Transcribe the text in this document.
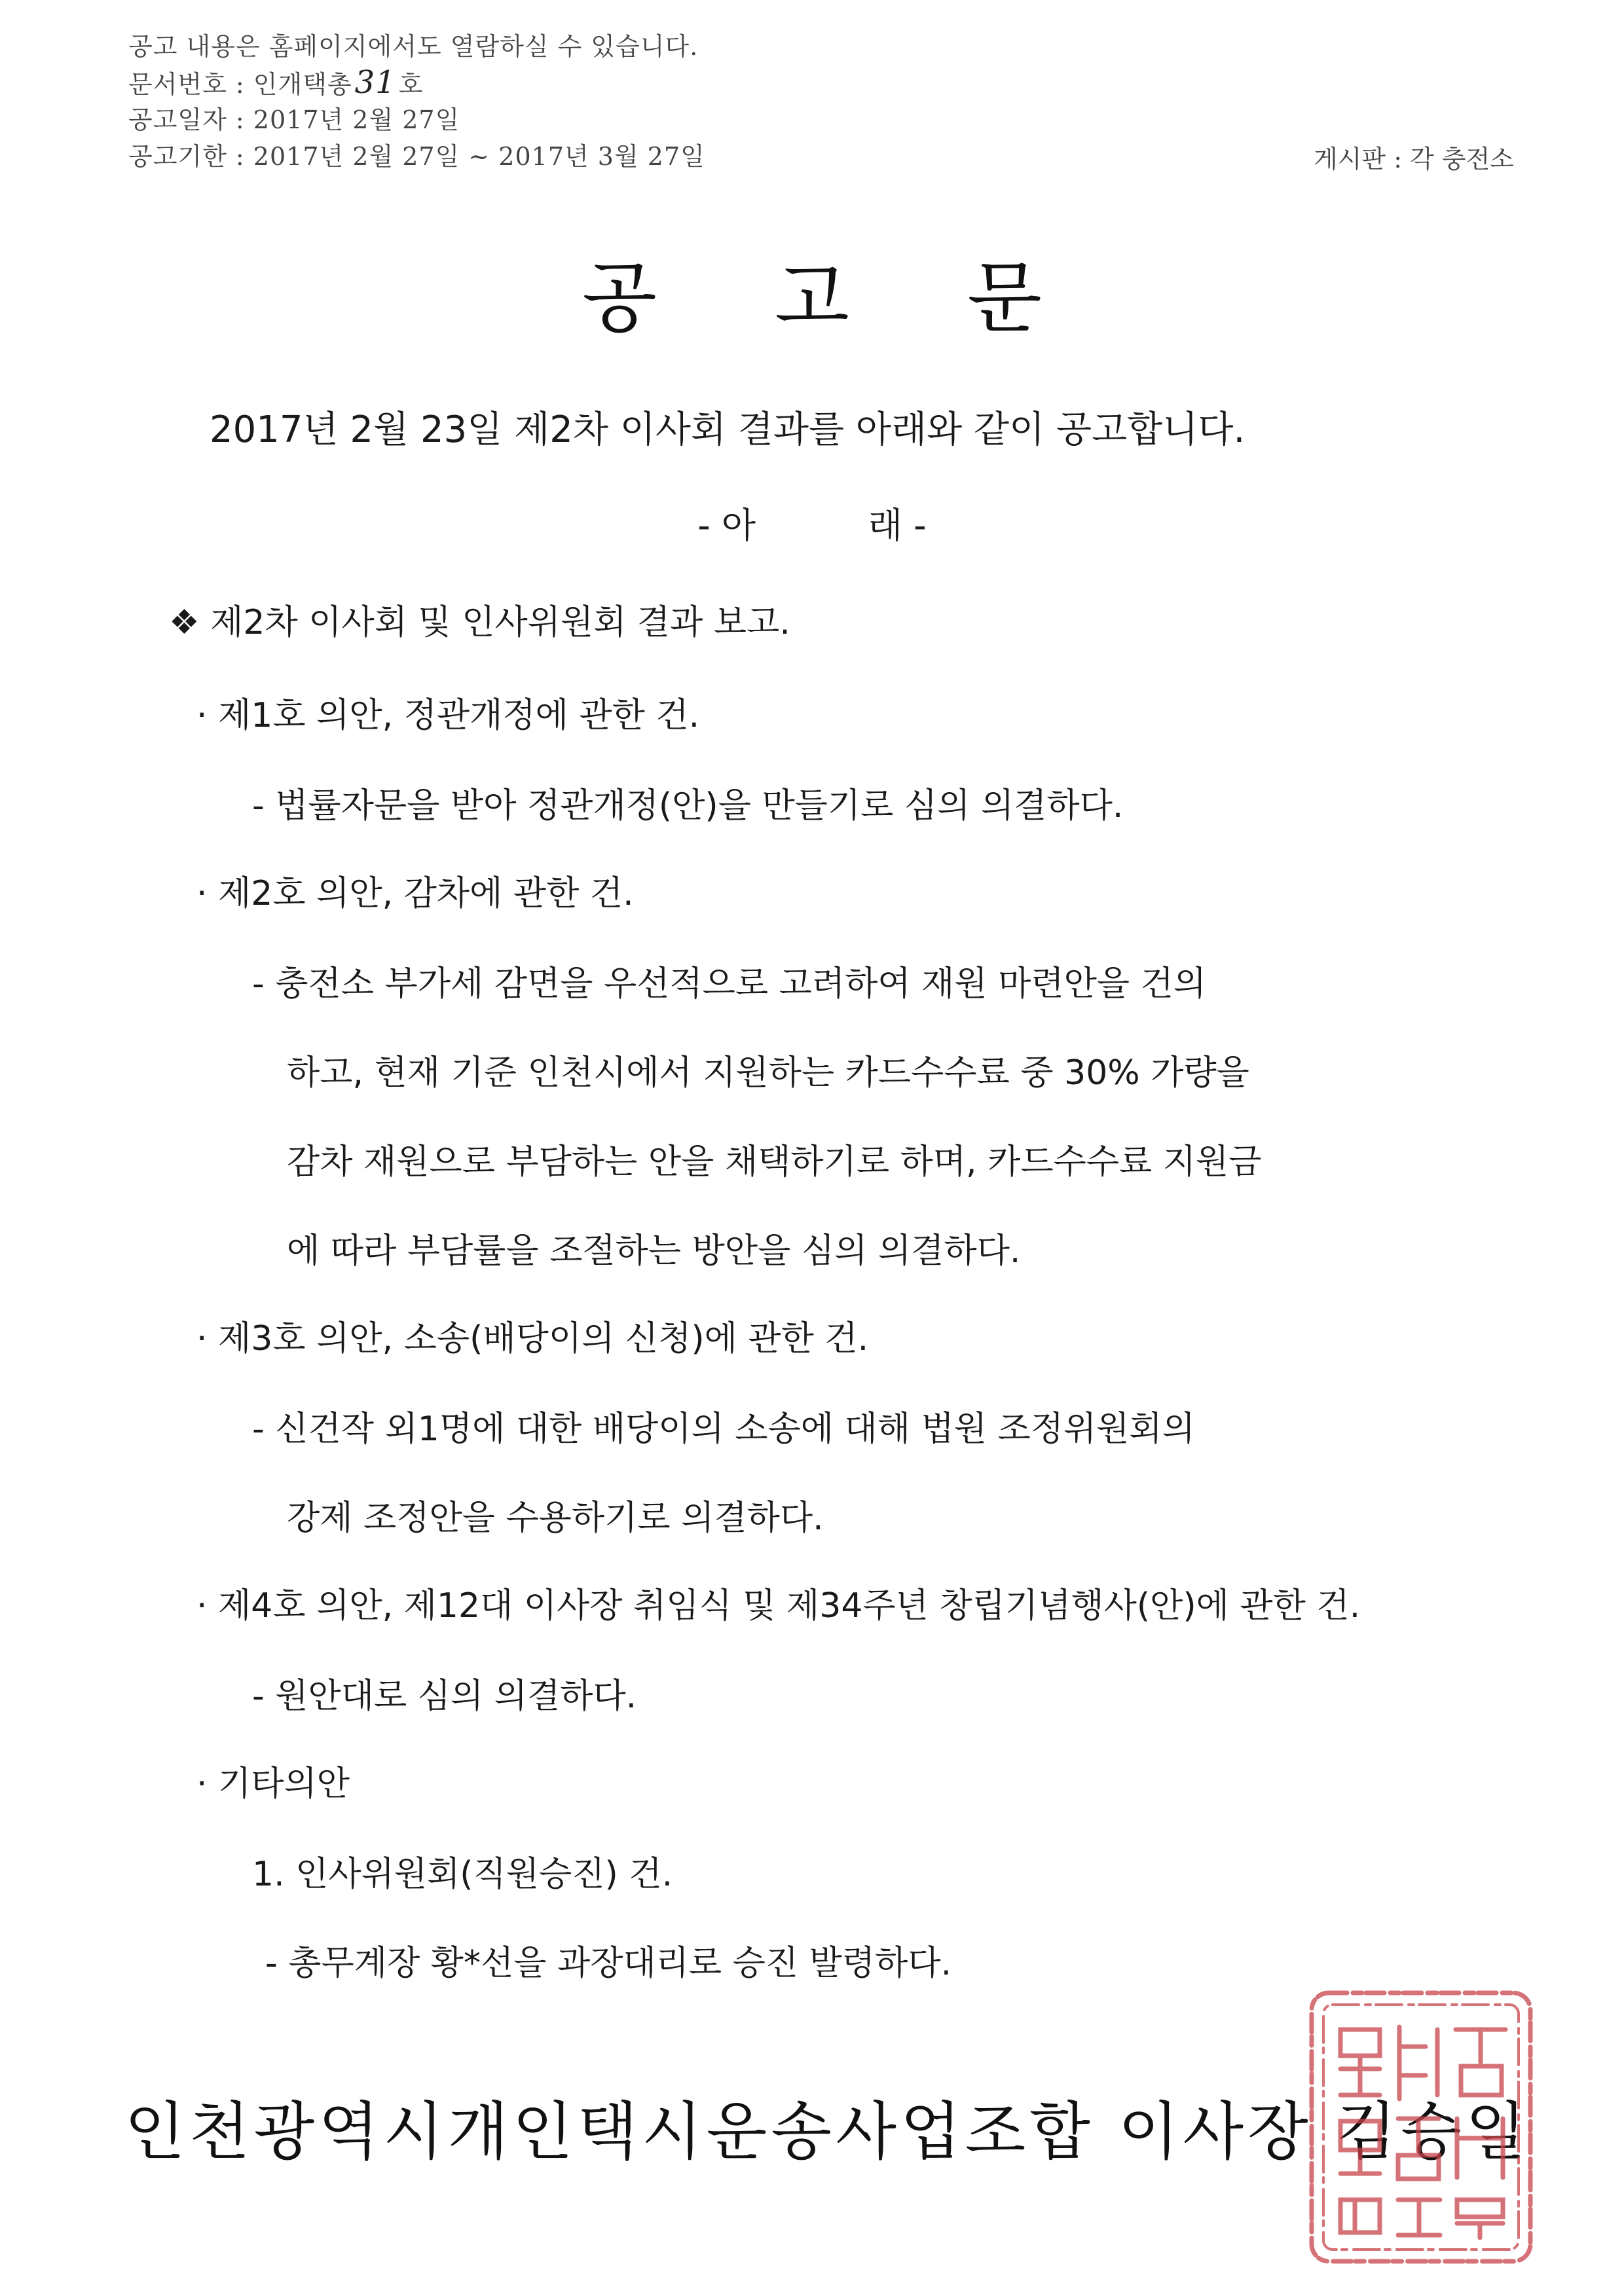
공고 내용은 홈페이지에서도 열람하실 수 있습니다.
문서번호 : 인개택총31 호
공고일자 : 2017년 2월 27일
공고기한 : 2017년 2월 27일 ~ 2017년 3월 27일	게시판 : 각 충전소
공고문
2017년 2월 23일 제2차 이사회 결과를 아래와 같이 공고합니다.
- 아          래 -
❖ 제2차 이사회 및 인사위원회 결과 보고.
· 제1호 의안, 정관개정에 관한 건.
- 법률자문을 받아 정관개정(안)을 만들기로 심의 의결하다.
· 제2호 의안, 감차에 관한 건.
- 충전소 부가세 감면을 우선적으로 고려하여 재원 마련안을 건의
하고, 현재 기준 인천시에서 지원하는 카드수수료 중 30% 가량을
감차 재원으로 부담하는 안을 채택하기로 하며, 카드수수료 지원금
에 따라 부담률을 조절하는 방안을 심의 의결하다.
· 제3호 의안, 소송(배당이의 신청)에 관한 건.
- 신건작 외1명에 대한 배당이의 소송에 대해 법원 조정위원회의
강제 조정안을 수용하기로 의결하다.
· 제4호 의안, 제12대 이사장 취임식 및 제34주년 창립기념행사(안)에 관한 건.
- 원안대로 심의 의결하다.
· 기타의안
1. 인사위원회(직원승진) 건.
- 총무계장 황*선을 과장대리로 승진 발령하다.
인천광역시개인택시운송사업조합 이사장 김승일
